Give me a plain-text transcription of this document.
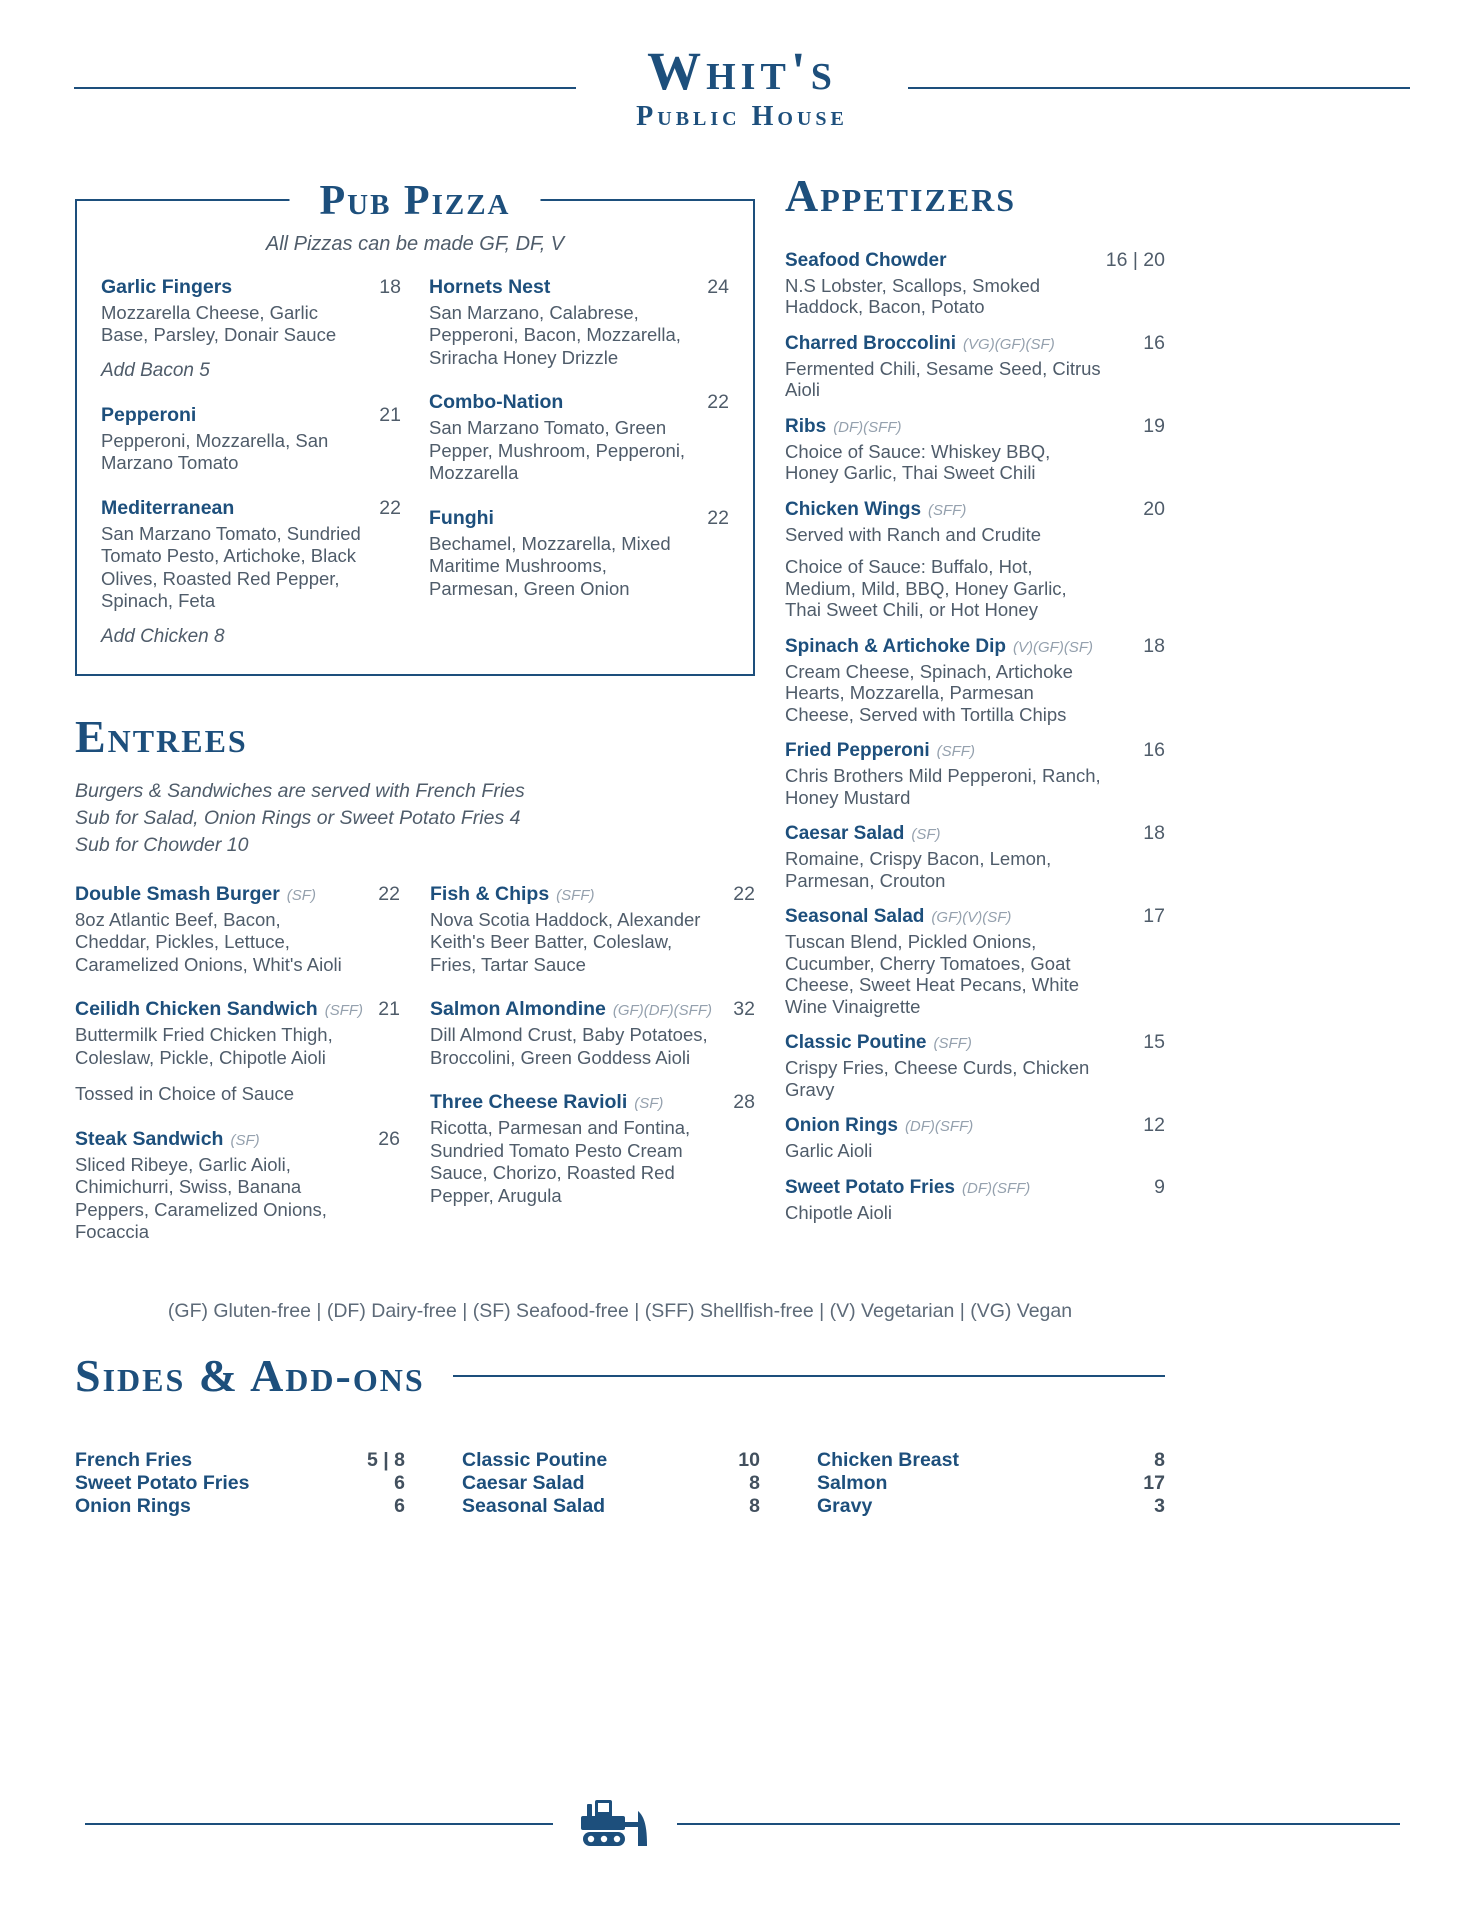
Whit's
Public House
Pub Pizza

All Pizzas can be made GF, DF, V

Garlic Fingers	18

Mozzarella Cheese, Garlic Base, Parsley, Donair Sauce

Add Bacon 5

Pepperoni	21

Pepperoni, Mozzarella, San Marzano Tomato

Mediterranean	22

San Marzano Tomato, Sundried Tomato Pesto, Artichoke, Black Olives, Roasted Red Pepper, Spinach, Feta

Add Chicken 8

Hornets Nest	24

San Marzano, Calabrese, Pepperoni, Bacon, Mozzarella, Sriracha Honey Drizzle

Combo-Nation	22

San Marzano Tomato, Green Pepper, Mushroom, Pepperoni, Mozzarella

Funghi	22

Bechamel, Mozzarella, Mixed Maritime Mushrooms, Parmesan, Green Onion

Entrees

Burgers & Sandwiches are served with French Fries

Sub for Salad, Onion Rings or Sweet Potato Fries 4

Sub for Chowder 10

Double Smash Burger (SF)	22

8oz Atlantic Beef, Bacon, Cheddar, Pickles, Lettuce, Caramelized Onions, Whit's Aioli

Ceilidh Chicken Sandwich (SFF) 21

Buttermilk Fried Chicken Thigh, Coleslaw, Pickle, Chipotle Aioli

Tossed in Choice of Sauce

Steak Sandwich (SF)	26

Sliced Ribeye, Garlic Aioli, Chimichurri, Swiss, Banana Peppers, Caramelized Onions, Focaccia

Fish & Chips (SFF)	22

Nova Scotia Haddock, Alexander Keith's Beer Batter, Coleslaw, Fries, Tartar Sauce

Salmon Almondine (GF)(DF)(SFF)	32

Dill Almond Crust, Baby Potatoes, Broccolini, Green Goddess Aioli

Three Cheese Ravioli (SF)	28

Ricotta, Parmesan and Fontina, Sundried Tomato Pesto Cream Sauce, Chorizo, Roasted Red Pepper, Arugula

Appetizers
Seafood Chowder	16 | 20

N.S Lobster, Scallops, Smoked Haddock, Bacon, Potato

Charred Broccolini (VG)(GF)(SF)	16

Fermented Chili, Sesame Seed, Citrus Aioli

Ribs (DF)(SFF)	19

Choice of Sauce: Whiskey BBQ, Honey Garlic, Thai Sweet Chili

Chicken Wings (SFF)	20

Served with Ranch and Crudite

Choice of Sauce: Buffalo, Hot, Medium, Mild, BBQ, Honey Garlic, Thai Sweet Chili, or Hot Honey

Spinach & Artichoke Dip (V)(GF)(SF)	18

Cream Cheese, Spinach, Artichoke Hearts, Mozzarella, Parmesan Cheese, Served with Tortilla Chips

Fried Pepperoni (SFF)	16

Chris Brothers Mild Pepperoni, Ranch, Honey Mustard

Caesar Salad (SF)	18

Romaine, Crispy Bacon, Lemon, Parmesan, Crouton

Seasonal Salad (GF)(V)(SF)	17

Tuscan Blend, Pickled Onions, Cucumber, Cherry Tomatoes, Goat Cheese, Sweet Heat Pecans, White Wine Vinaigrette

Classic Poutine (SFF)	15

Crispy Fries, Cheese Curds, Chicken Gravy

Onion Rings (DF)(SFF)	12

Garlic Aioli

Sweet Potato Fries (DF)(SFF)	9

Chipotle Aioli

(GF) Gluten-free | (DF) Dairy-free | (SF) Seafood-free | (SFF) Shellfish-free | (V) Vegetarian | (VG) Vegan

Sides & Add-ons
French Fries	5 | 8
Sweet Potato Fries	6
Onion Rings	6
Classic Poutine	10
Caesar Salad	8
Seasonal Salad	8
Chicken Breast	8
Salmon	17
Gravy	3
